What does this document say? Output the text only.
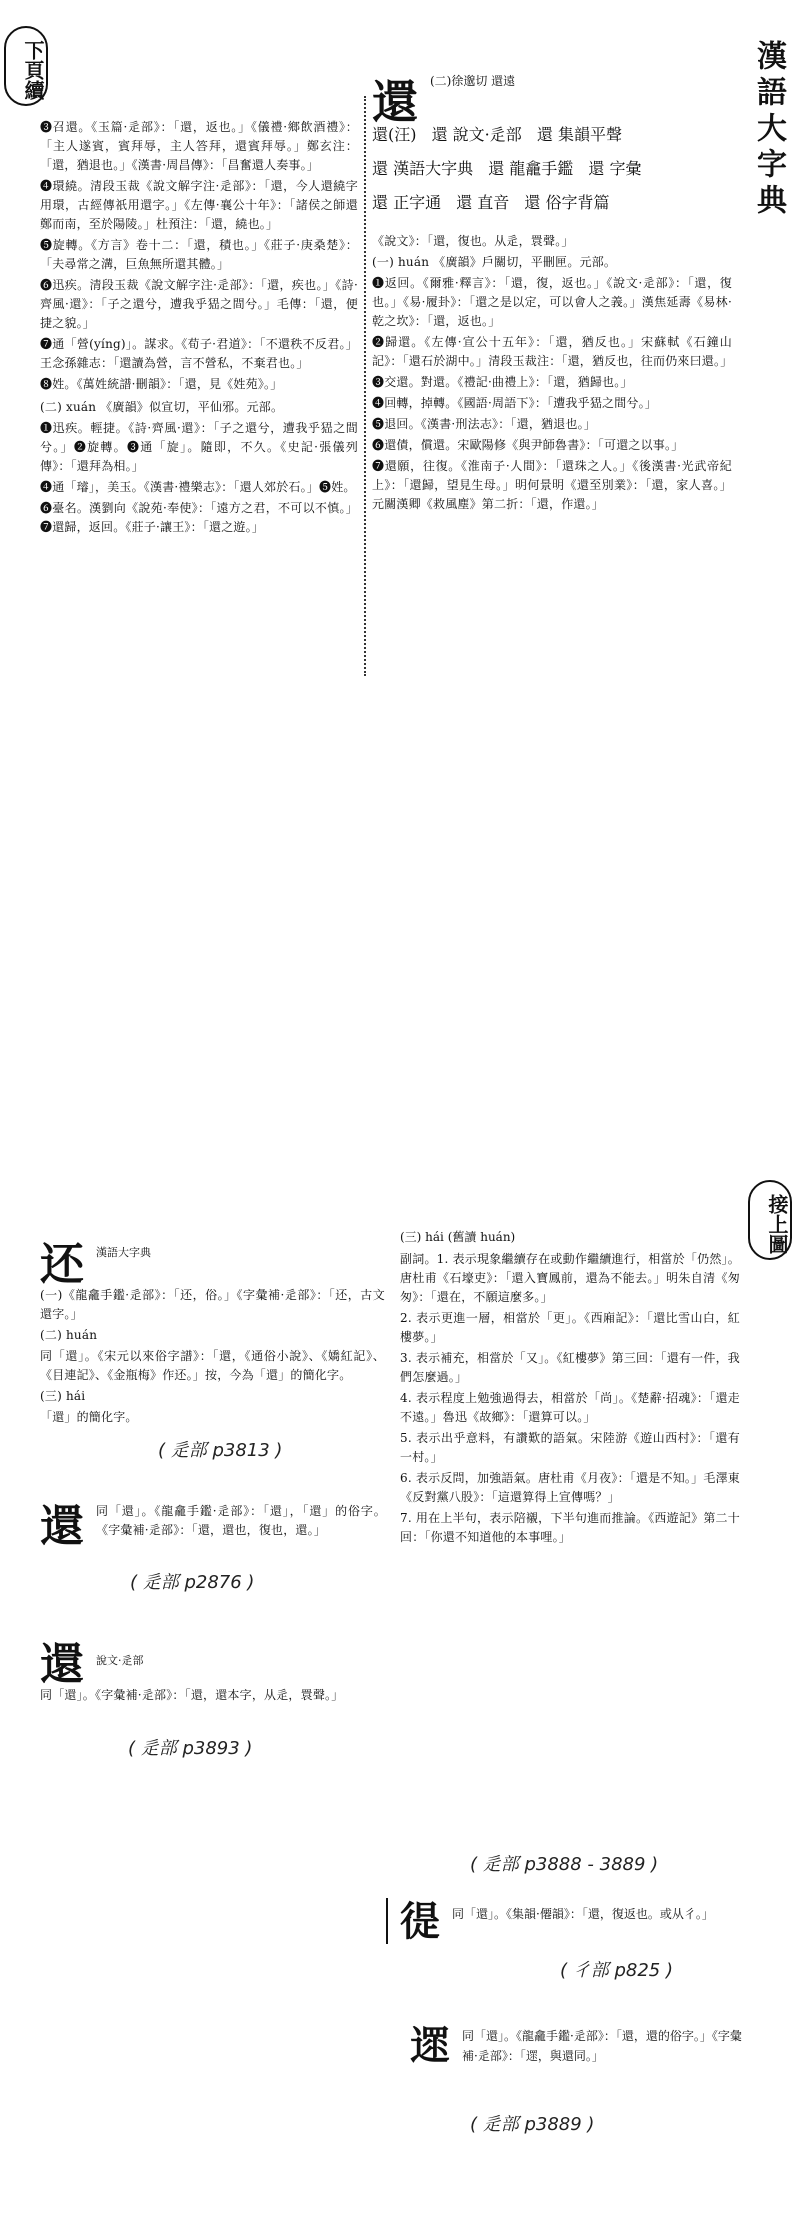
下頁續	漢語大字典

❸召還。《玉篇·辵部》：「還，返也。」《儀禮·鄉飲酒禮》：「主人遂賓，賓拜辱，主人答拜，還賓拜辱。」鄭玄注：「還，猶退也。」《漢書·周昌傳》：「昌奮還人奏事。」

❹環繞。清段玉裁《說文解字注·辵部》：「還，今人還繞字用環，古經傳祇用還字。」《左傳·襄公十年》：「諸侯之師還鄭而南，至於陽陵。」杜預注：「還，繞也。」

❺旋轉。《方言》卷十二：「還，積也。」《莊子·庚桑楚》：「夫尋常之溝，巨魚無所還其體。」

❻迅疾。清段玉裁《說文解字注·辵部》：「還，疾也。」《詩·齊風·還》：「子之還兮，遭我乎峱之間兮。」毛傳：「還，便捷之貌。」

❼通「營(yíng)」。謀求。《荀子·君道》：「不還秩不反君。」王念孫雜志：「還讀為營，言不營私，不棄君也。」

❽姓。《萬姓統譜·刪韻》：「還，見《姓苑》。」

(二) xuán 《廣韻》似宣切，平仙邪。元部。

❶迅疾。輕捷。《詩·齊風·還》：「子之還兮，遭我乎峱之間兮。」❷旋轉。❸通「旋」。隨即，不久。《史記·張儀列傳》：「還拜為相。」

❹通「璿」，美玉。《漢書·禮樂志》：「還人郊於石。」❺姓。

❻臺名。漢劉向《說苑·奉使》：「遠方之君，不可以不慎。」❼還歸，返回。《莊子·讓王》：「還之遊。」

還 (二)徐邈切 還遠
還(汪) 還 說文·辵部 還 集韻平聲 還 漢語大字典 還 龍龕手鑑 還 字彙 還 正字通 還 直音 還 俗字背篇

《說文》：「還，復也。从辵，睘聲。」

(一) huán 《廣韻》戶關切，平刪匣。元部。

❶返回。《爾雅·釋言》：「還，復，返也。」《說文·辵部》：「還，復也。」《易·履卦》：「還之是以定，可以會人之義。」漢焦延壽《易林·乾之坎》：「還，返也。」

❷歸還。《左傳·宣公十五年》：「還，猶反也。」宋蘇軾《石鐘山記》：「還石於湖中。」清段玉裁注：「還，猶反也，往而仍來曰還。」

❸交還。對還。《禮記·曲禮上》：「還，猶歸也。」

❹回轉，掉轉。《國語·周語下》：「遭我乎峱之間兮。」

❺退回。《漢書·刑法志》：「還，猶退也。」

❻還債，償還。宋歐陽修《與尹師魯書》：「可還之以事。」

❼還願，往復。《淮南子·人間》：「還珠之人。」《後漢書·光武帝紀上》：「還歸，望見生母。」明何景明《還至別業》：「還，家人喜。」元關漢卿《救風塵》第二折：「還，作還。」

接上圖
还 漢語大字典

(一)《龍龕手鑑·辵部》：「还，俗。」《字彙補·辵部》：「还，古文還字。」

(二) huán

同「還」。《宋元以來俗字譜》：「還，《通俗小說》、《嬌紅記》、《目連記》、《金瓶梅》作还。」按，今為「還」的簡化字。

(三) hái

「還」的簡化字。

( 辵部 p3813 )
還 同「還」。《龍龕手鑑·辵部》：「還」，「還」的俗字。《字彙補·辵部》：「還，還也，復也，還。」

( 辵部 p2876 )
還 說文·辵部

同「還」。《字彙補·辵部》：「還，還本字，从辵，睘聲。」

( 辵部 p3893 )
(三) hái (舊讀 huán)

副詞。1. 表示現象繼續存在或動作繼續進行，相當於「仍然」。唐杜甫《石壕吏》：「還入寶鳳前，還為不能去。」明朱自清《匆匆》：「還在，不願這麼多。」

2. 表示更進一層，相當於「更」。《西廂記》：「還比雪山白，紅樓夢。」

3. 表示補充，相當於「又」。《紅樓夢》第三回：「還有一件，我們怎麼過。」

4. 表示程度上勉強過得去，相當於「尚」。《楚辭·招魂》：「還走不遠。」魯迅《故鄉》：「還算可以。」

5. 表示出乎意料，有讚歎的語氣。宋陸游《遊山西村》：「還有一村。」

6. 表示反問，加強語氣。唐杜甫《月夜》：「還是不知。」毛澤東《反對黨八股》：「這還算得上宣傳嗎？」

7. 用在上半句，表示陪襯，下半句進而推論。《西遊記》第二十回：「你還不知道他的本事哩。」

( 辵部 p3888 - 3889 )
徥 同「還」。《集韻·僊韻》：「還，復返也。或从彳。」
( 彳部 p825 )
遝 同「還」。《龍龕手鑑·辵部》：「還，還的俗字。」《字彙補·辵部》：「遝，與還同。」
( 辵部 p3889 )
